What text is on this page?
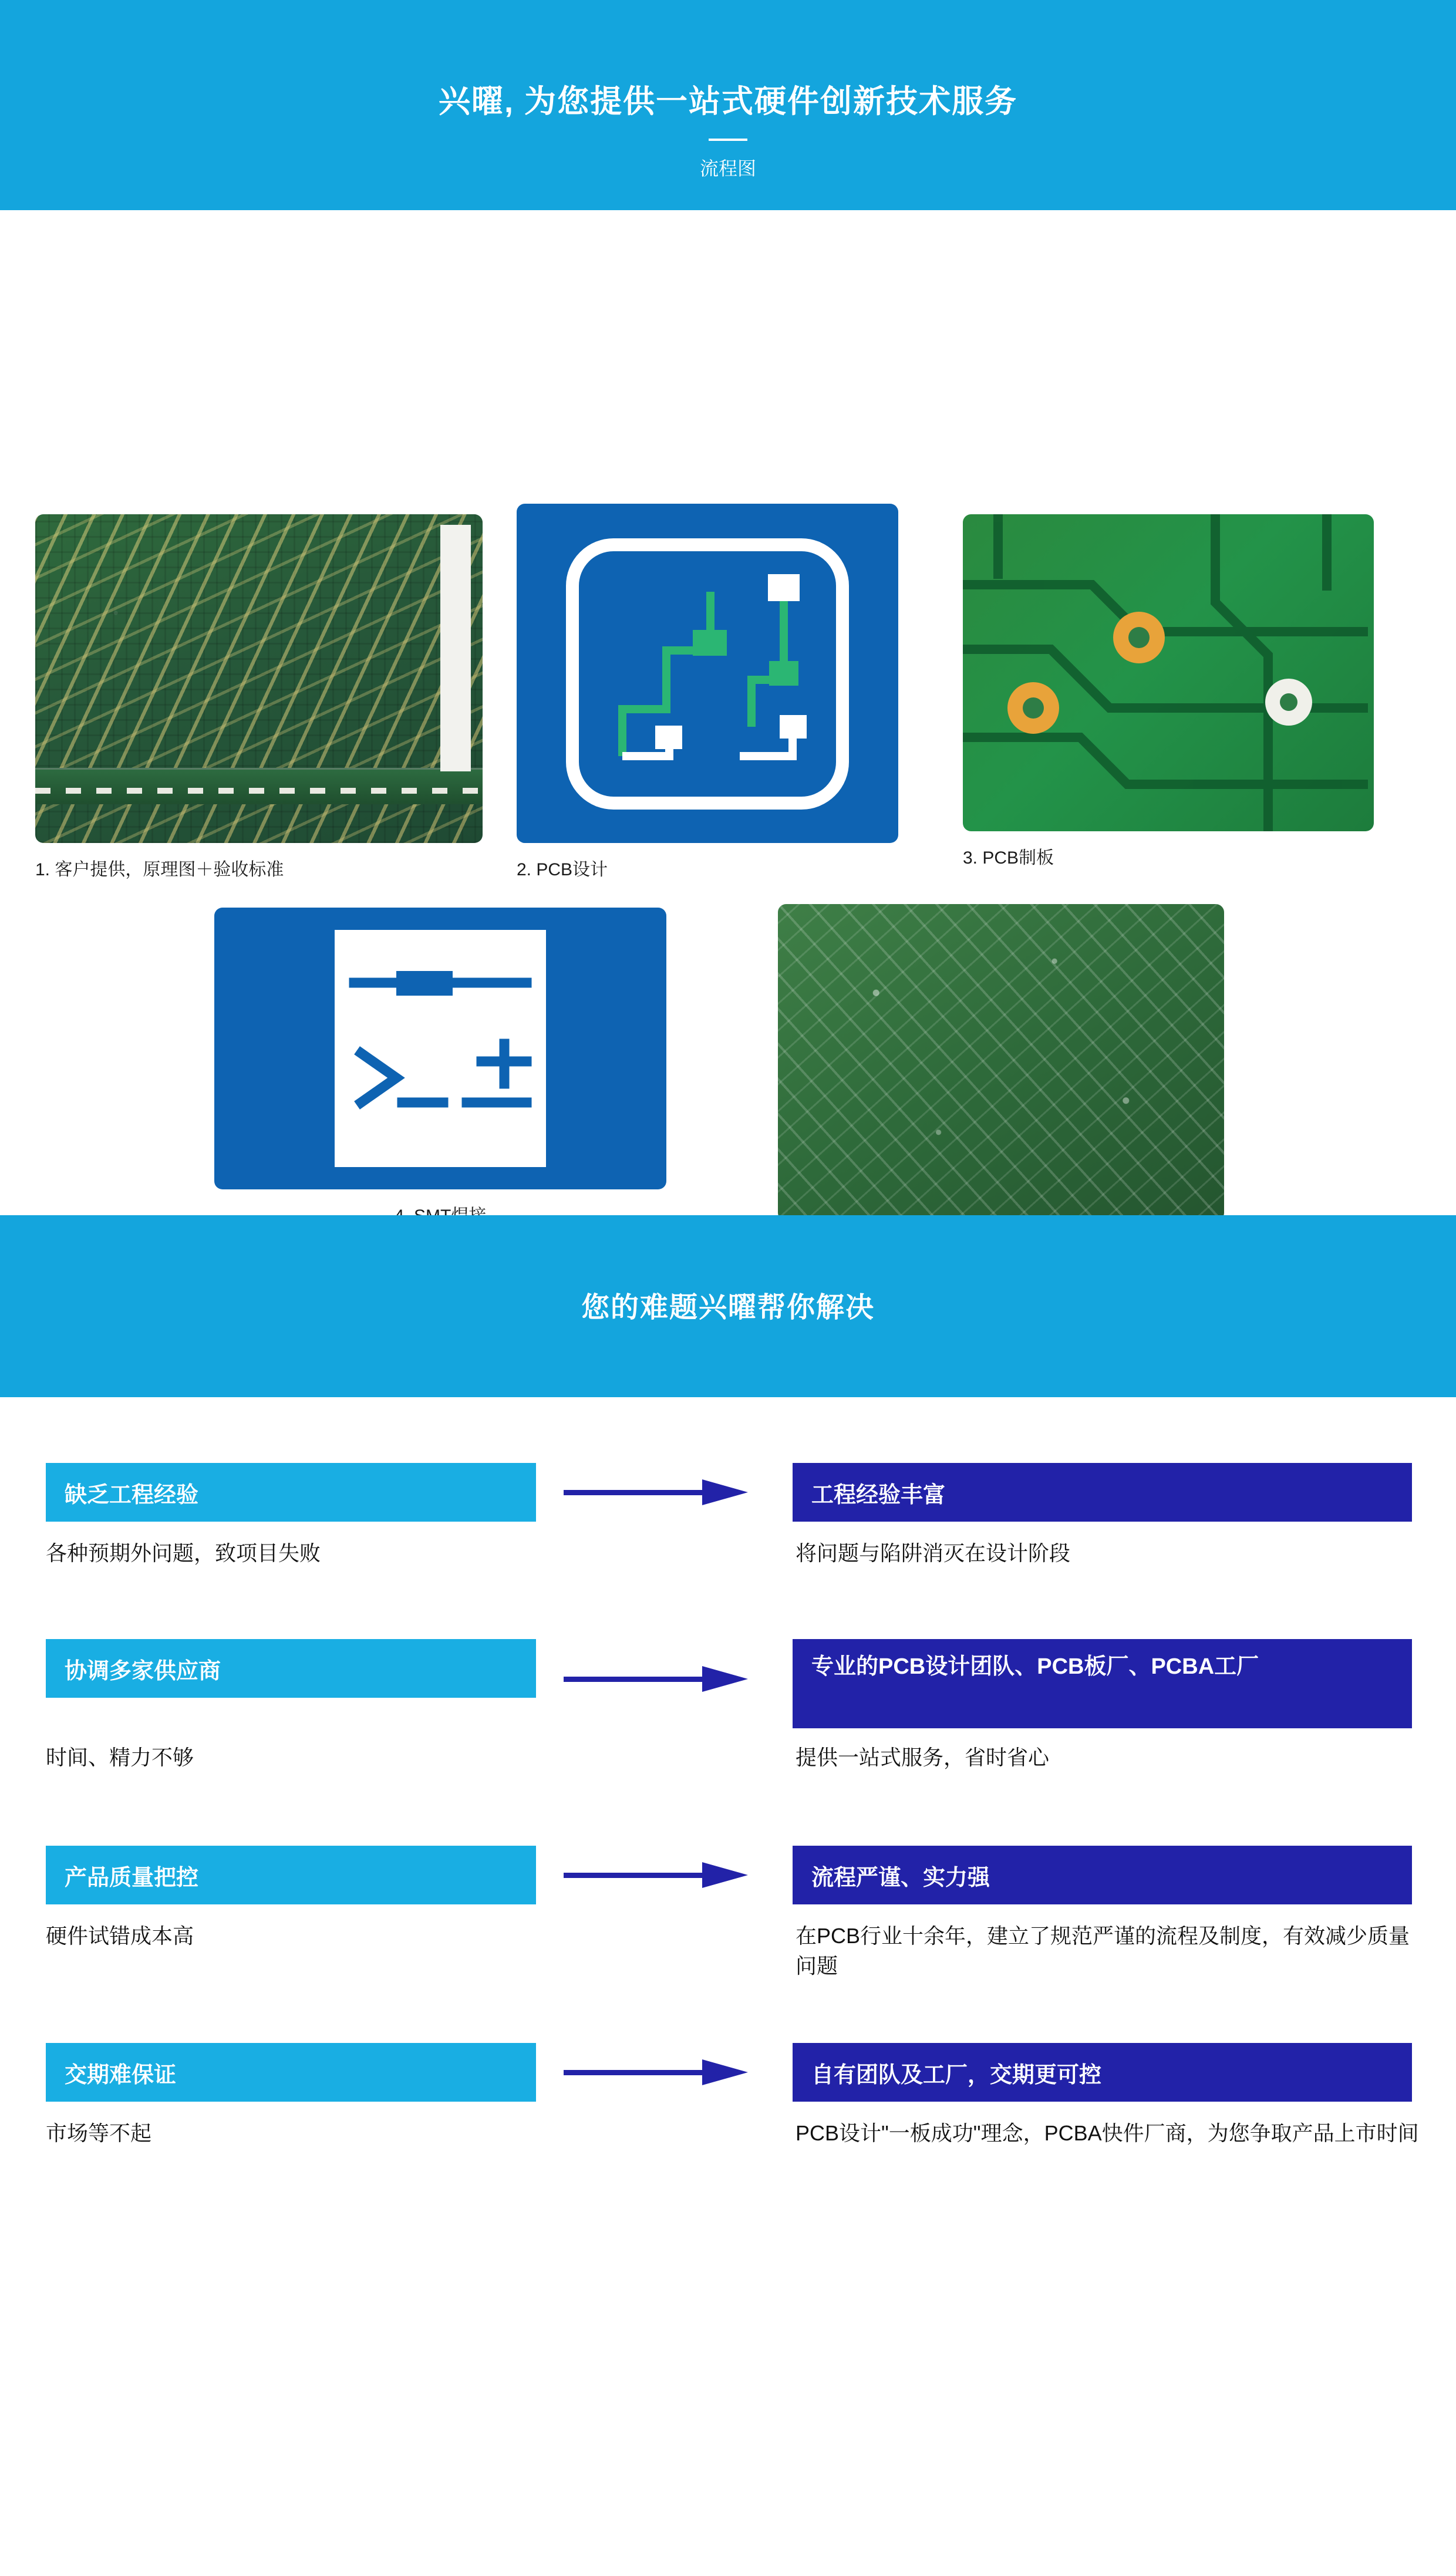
兴曜, 为您提供一站式硬件创新技术服务
流程图
1. 客户提供，原理图＋验收标准	2. PCB设计
3. PCB制板
您的难题兴曜帮你解决
缺乏工程经验
各种预期外问题，致项目失败
工程经验丰富
将问题与陷阱消灭在设计阶段
协调多家供应商
时间、精力不够
专业的PCB设计团队、PCB板厂、PCBA工厂
提供一站式服务，省时省心
产品质量把控
硬件试错成本高
流程严谨、实力强
在PCB行业十余年，建立了规范严谨的流程及制度，有效减少质量问题
交期难保证
市场等不起
自有团队及工厂，交期更可控
PCB设计"一板成功"理念，PCBA快件厂商，为您争取产品上市时间
